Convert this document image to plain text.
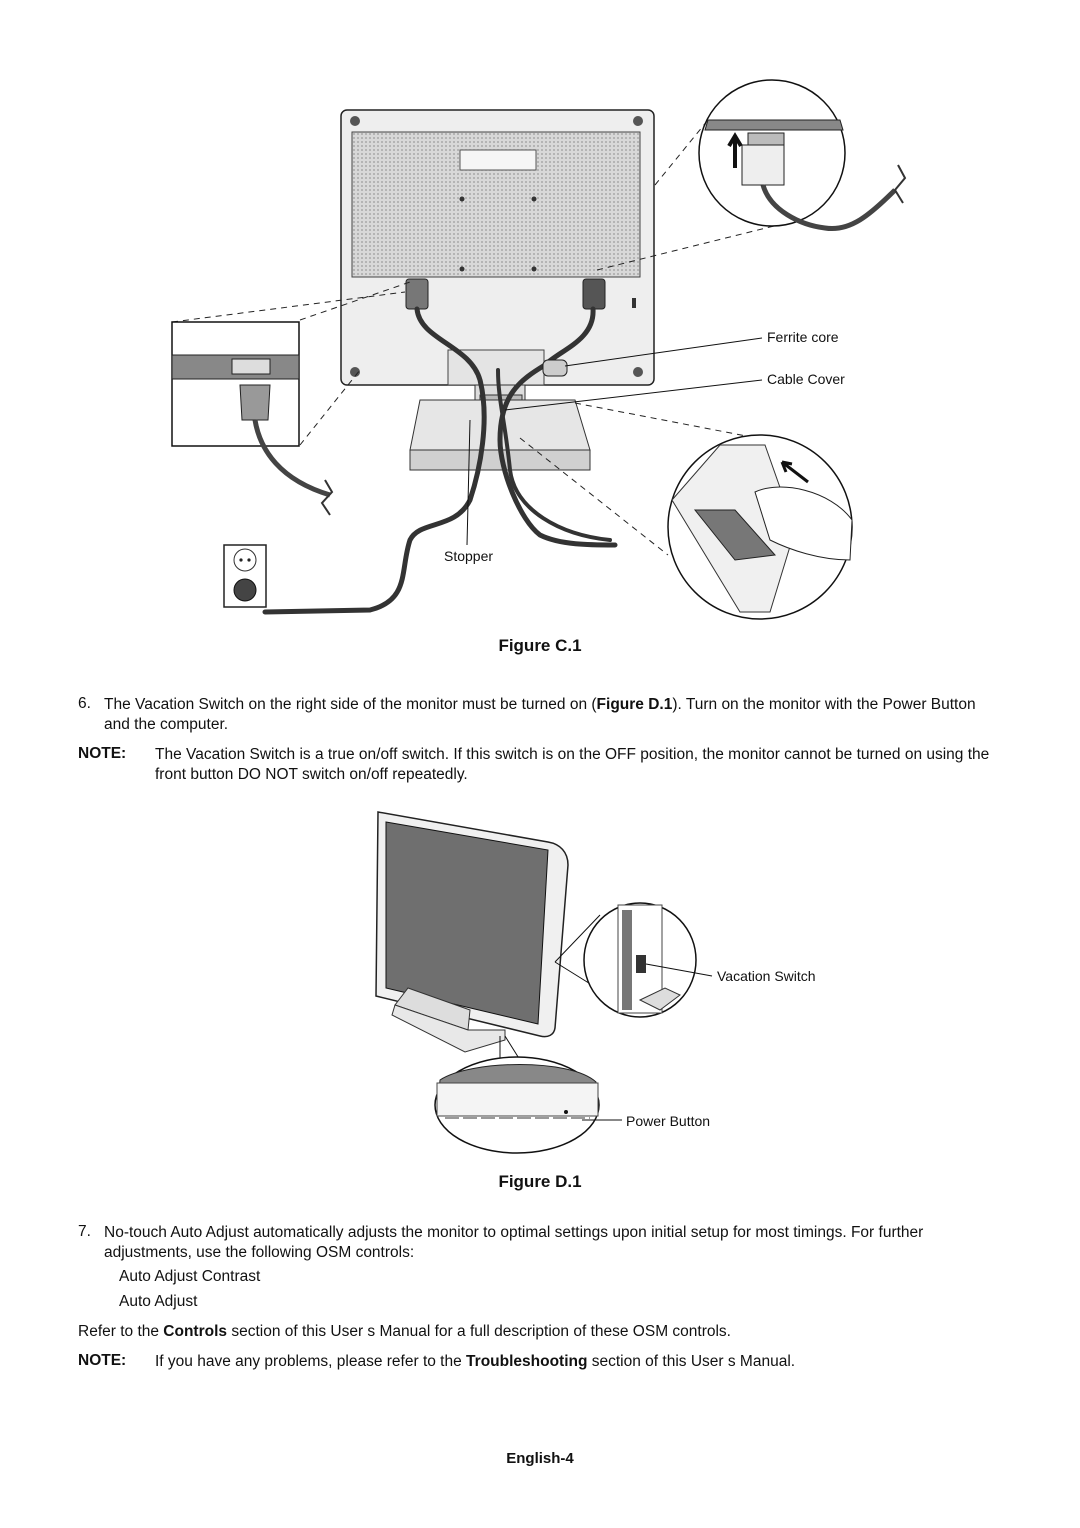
Ferrite core
Cable Cover
Stopper
Figure C.1
6. The Vacation Switch on the right side of the monitor must be turned on (Figure D.1). Turn on the monitor with the Power Button and the computer.
NOTE: The Vacation Switch is a true on/off switch. If this switch is on the OFF position, the monitor cannot be turned on using the front button DO NOT switch on/off repeatedly.
Vacation Switch
Power Button
Figure D.1
7. No-touch Auto Adjust automatically adjusts the monitor to optimal settings upon initial setup for most timings. For further adjustments, use the following OSM controls:
Auto Adjust Contrast
Auto Adjust
Refer to the Controls section of this User s Manual for a full description of these OSM controls.
NOTE: If you have any problems, please refer to the Troubleshooting section of this User s Manual.
English-4
